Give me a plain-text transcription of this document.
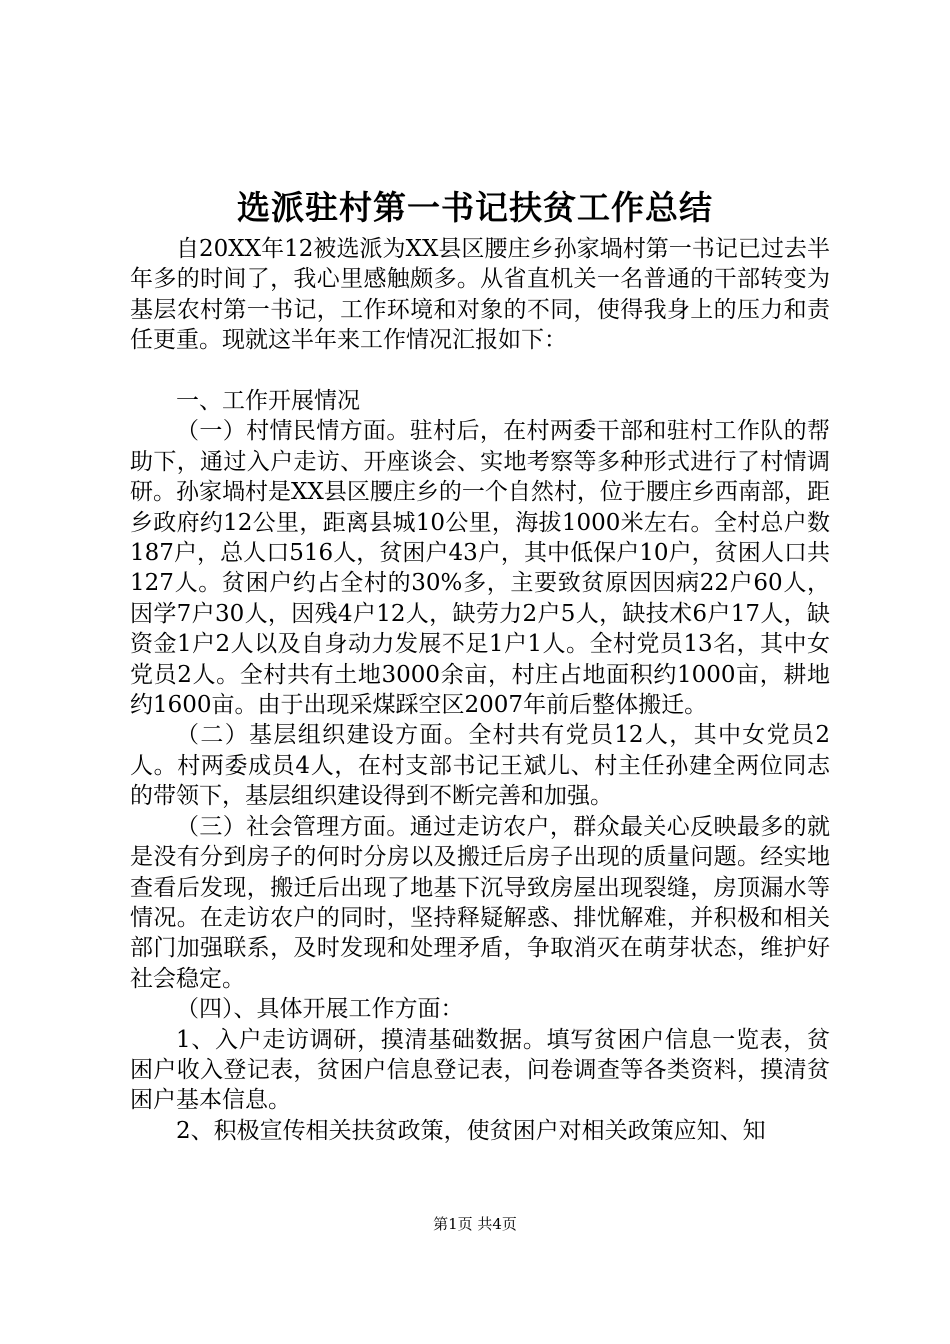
选派驻村第一书记扶贫工作总结

自20XX年12被选派为XX县区腰庄乡孙家堝村第一书记已过去半年多的时间了，我心里感触颇多。从省直机关一名普通的干部转变为基层农村第一书记，工作环境和对象的不同，使得我身上的压力和责任更重。现就这半年来工作情况汇报如下：

一、工作开展情况

（一）村情民情方面。驻村后，在村两委干部和驻村工作队的帮助下，通过入户走访、开座谈会、实地考察等多种形式进行了村情调研。孙家堝村是XX县区腰庄乡的一个自然村，位于腰庄乡西南部，距乡政府约12公里，距离县城10公里，海拔1000米左右。全村总户数187户，总人口516人，贫困户43户，其中低保户10户，贫困人口共127人。贫困户约占全村的30%多，主要致贫原因因病22户60人，因学7户30人，因残4户12人，缺劳力2户5人，缺技术6户17人，缺资金1户2人以及自身动力发展不足1户1人。全村党员13名，其中女党员2人。全村共有土地3000余亩，村庄占地面积约1000亩，耕地约1600亩。由于出现采煤踩空区2007年前后整体搬迁。

（二）基层组织建设方面。全村共有党员12人，其中女党员2人。村两委成员4人，在村支部书记王斌儿、村主任孙建全两位同志的带领下，基层组织建设得到不断完善和加强。

（三）社会管理方面。通过走访农户，群众最关心反映最多的就是没有分到房子的何时分房以及搬迁后房子出现的质量问题。经实地查看后发现，搬迁后出现了地基下沉导致房屋出现裂缝，房顶漏水等情况。在走访农户的同时，坚持释疑解惑、排忧解难，并积极和相关部门加强联系，及时发现和处理矛盾，争取消灭在萌芽状态，维护好社会稳定。

（四）、具体开展工作方面：

1、入户走访调研，摸清基础数据。填写贫困户信息一览表，贫困户收入登记表，贫困户信息登记表，问卷调查等各类资料，摸清贫困户基本信息。

2、积极宣传相关扶贫政策，使贫困户对相关政策应知、知

第1页 共4页
